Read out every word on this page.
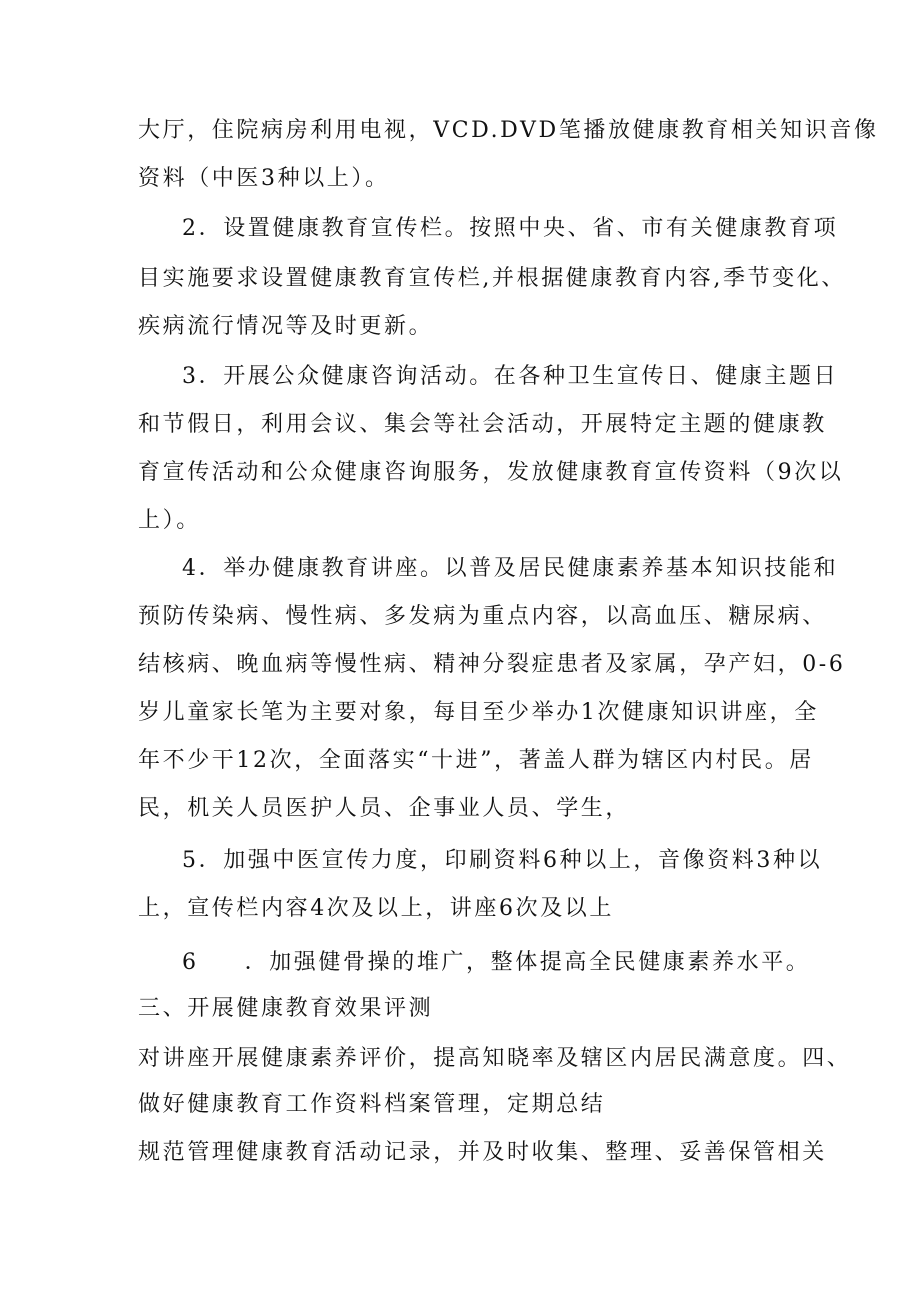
大厅，住院病房利用电视，VCD.DVD笔播放健康教育相关知识音像
资料（中医3种以上）。
2．设置健康教育宣传栏。按照中央、省、市有关健康教育项
目实施要求设置健康教育宣传栏,并根据健康教育内容,季节变化、
疾病流行情况等及时更新。
3．开展公众健康咨询活动。在各种卫生宣传日、健康主题日
和节假日，利用会议、集会等社会活动，开展特定主题的健康教
育宣传活动和公众健康咨询服务，发放健康教育宣传资料（9次以
上）。
4．举办健康教育讲座。以普及居民健康素养基本知识技能和
预防传染病、慢性病、多发病为重点内容，以高血压、糖尿病、
结核病、晚血病等慢性病、精神分裂症患者及家属，孕产妇，0-6
岁儿童家长笔为主要对象，每目至少举办1次健康知识讲座，全
年不少干12次，全面落实“十进”，著盖人群为辖区内村民。居
民，机关人员医护人员、企事业人员、学生，
5．加强中医宣传力度，印刷资料6种以上，音像资料3种以
上，宣传栏内容4次及以上，讲座6次及以上
6 ．加强健骨操的堆广，整体提高全民健康素养水平。
三、开展健康教育效果评测
对讲座开展健康素养评价，提高知晓率及辖区内居民满意度。四、
做好健康教育工作资料档案管理，定期总结
规范管理健康教育活动记录，并及时收集、整理、妥善保管相关
